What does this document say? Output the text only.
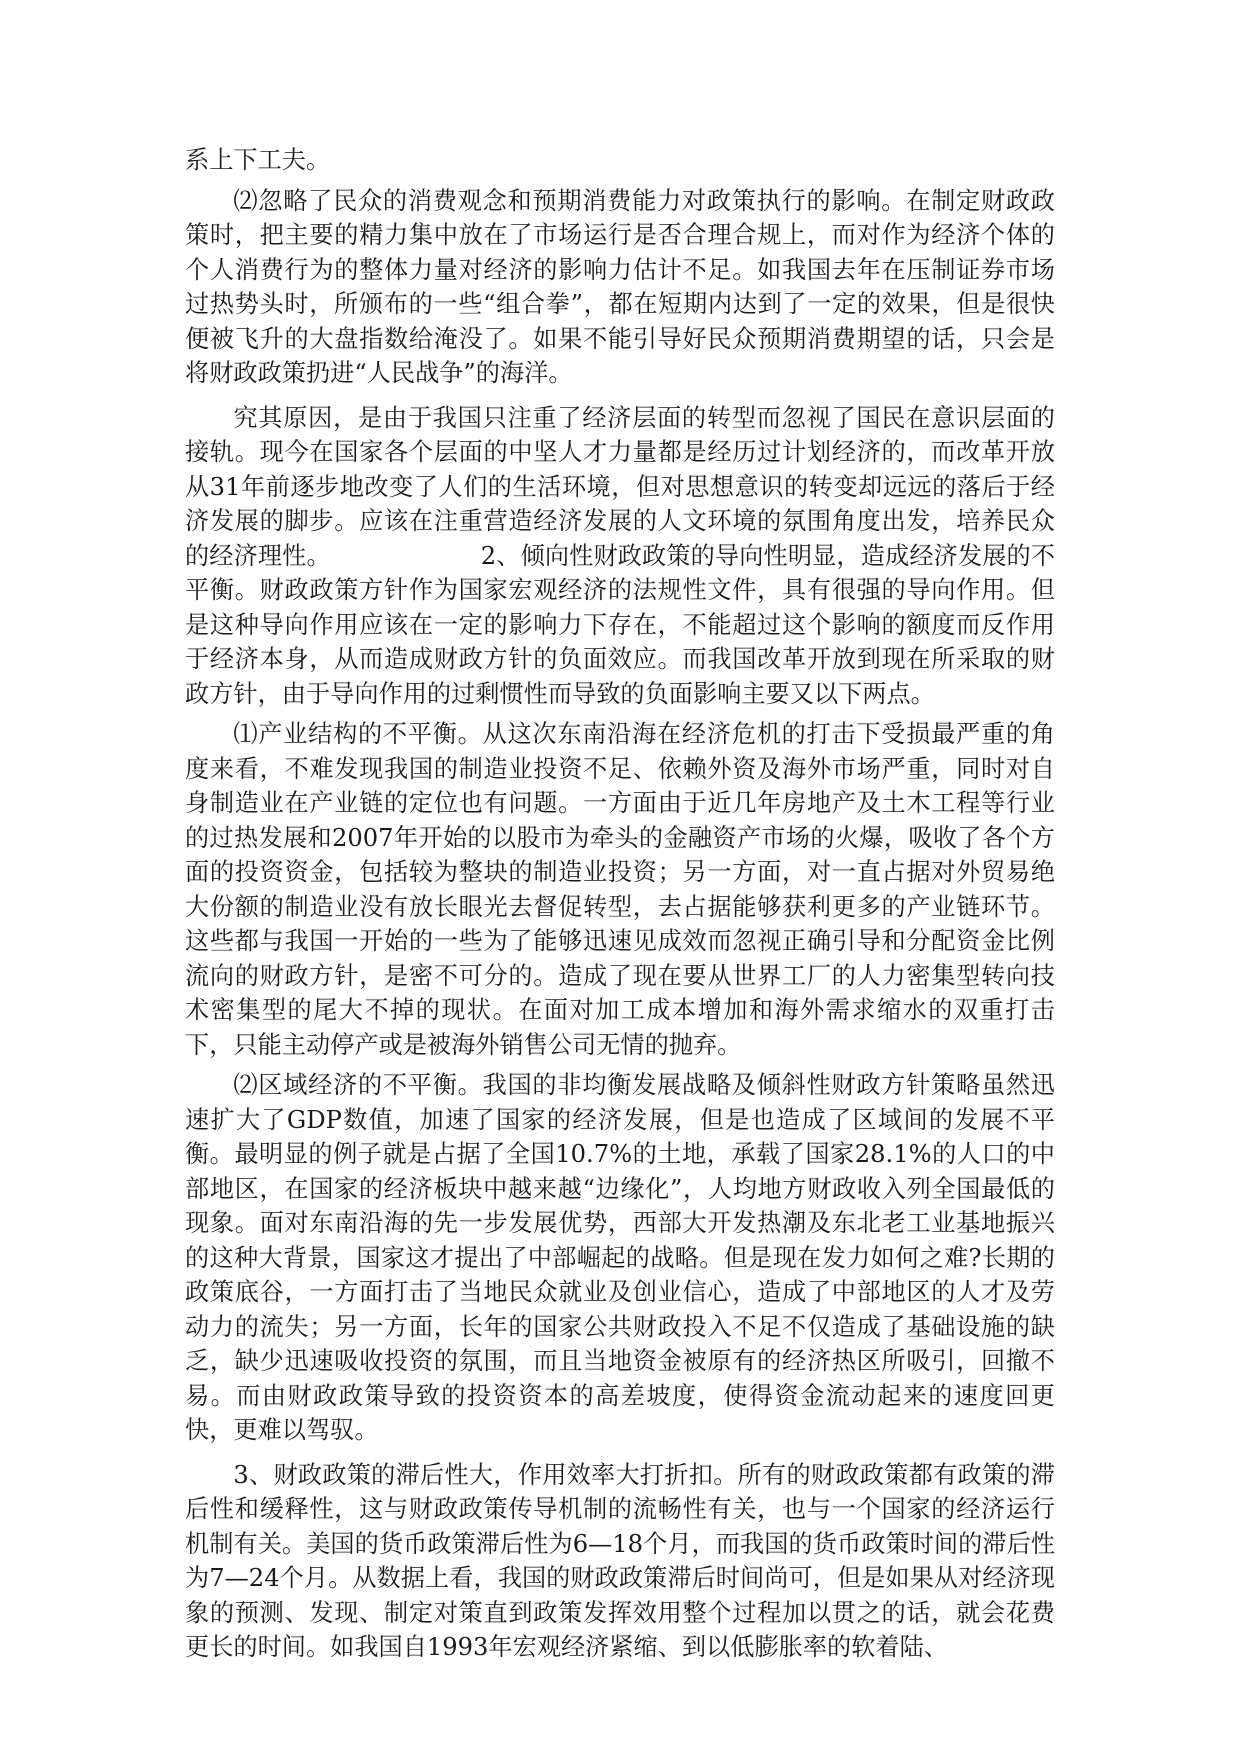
系上下工夫。

⑵忽略了民众的消费观念和预期消费能力对政策执行的影响。在制定财政政策时，把主要的精力集中放在了市场运行是否合理合规上，而对作为经济个体的个人消费行为的整体力量对经济的影响力估计不足。如我国去年在压制证券市场过热势头时，所颁布的一些“组合拳”，都在短期内达到了一定的效果，但是很快便被飞升的大盘指数给淹没了。如果不能引导好民众预期消费期望的话，只会是将财政政策扔进“人民战争”的海洋。

究其原因，是由于我国只注重了经济层面的转型而忽视了国民在意识层面的接轨。现今在国家各个层面的中坚人才力量都是经历过计划经济的，而改革开放从31年前逐步地改变了人们的生活环境，但对思想意识的转变却远远的落后于经济发展的脚步。应该在注重营造经济发展的人文环境的氛围角度出发，培养民众的经济理性。	2、倾向性财政政策的导向性明显，造成经济发展的不平衡。财政政策方针作为国家宏观经济的法规性文件，具有很强的导向作用。但是这种导向作用应该在一定的影响力下存在，不能超过这个影响的额度而反作用于经济本身，从而造成财政方针的负面效应。而我国改革开放到现在所采取的财政方针，由于导向作用的过剩惯性而导致的负面影响主要又以下两点。

⑴产业结构的不平衡。从这次东南沿海在经济危机的打击下受损最严重的角度来看，不难发现我国的制造业投资不足、依赖外资及海外市场严重，同时对自身制造业在产业链的定位也有问题。一方面由于近几年房地产及土木工程等行业的过热发展和2007年开始的以股市为牵头的金融资产市场的火爆，吸收了各个方面的投资资金，包括较为整块的制造业投资；另一方面，对一直占据对外贸易绝大份额的制造业没有放长眼光去督促转型，去占据能够获利更多的产业链环节。这些都与我国一开始的一些为了能够迅速见成效而忽视正确引导和分配资金比例流向的财政方针，是密不可分的。造成了现在要从世界工厂的人力密集型转向技术密集型的尾大不掉的现状。在面对加工成本增加和海外需求缩水的双重打击下，只能主动停产或是被海外销售公司无情的抛弃。

⑵区域经济的不平衡。我国的非均衡发展战略及倾斜性财政方针策略虽然迅速扩大了GDP数值，加速了国家的经济发展，但是也造成了区域间的发展不平衡。最明显的例子就是占据了全国10.7%的土地，承载了国家28.1%的人口的中部地区，在国家的经济板块中越来越“边缘化”，人均地方财政收入列全国最低的现象。面对东南沿海的先一步发展优势，西部大开发热潮及东北老工业基地振兴的这种大背景，国家这才提出了中部崛起的战略。但是现在发力如何之难?长期的政策底谷，一方面打击了当地民众就业及创业信心，造成了中部地区的人才及劳动力的流失；另一方面，长年的国家公共财政投入不足不仅造成了基础设施的缺乏，缺少迅速吸收投资的氛围，而且当地资金被原有的经济热区所吸引，回撤不易。而由财政政策导致的投资资本的高差坡度，使得资金流动起来的速度回更快，更难以驾驭。

3、财政政策的滞后性大，作用效率大打折扣。所有的财政政策都有政策的滞后性和缓释性，这与财政政策传导机制的流畅性有关，也与一个国家的经济运行机制有关。美国的货币政策滞后性为6—18个月，而我国的货币政策时间的滞后性为7—24个月。从数据上看，我国的财政政策滞后时间尚可，但是如果从对经济现象的预测、发现、制定对策直到政策发挥效用整个过程加以贯之的话，就会花费更长的时间。如我国自1993年宏观经济紧缩、到以低膨胀率的软着陆、
